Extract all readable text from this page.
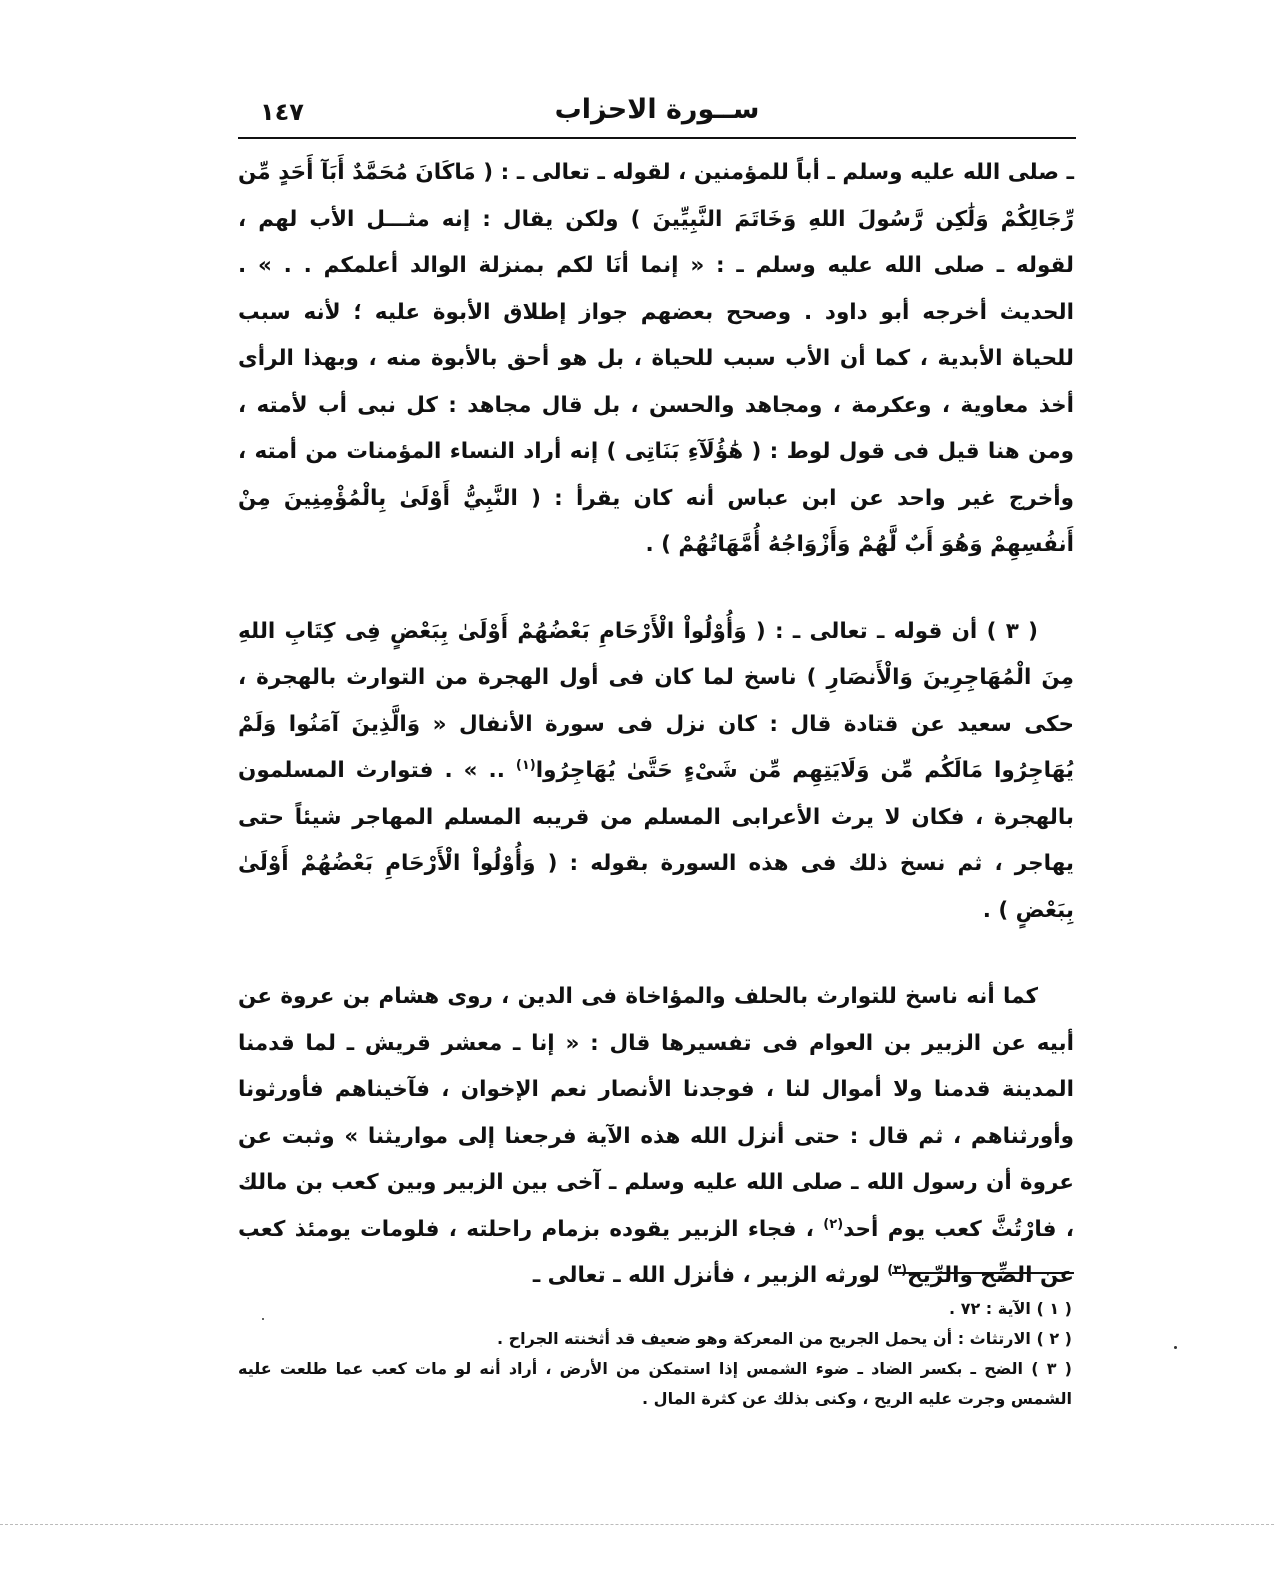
١٤٧	ســورة الاحزاب

ـ صلى الله عليه وسلم ـ أباً للمؤمنين ، لقوله ـ تعالى ـ : ( مَاكَانَ مُحَمَّدٌ أَبَآ أَحَدٍ مِّن رِّجَالِكُمْ وَلَٰكِن رَّسُولَ اللهِ وَخَاتَمَ النَّبِيِّينَ ) ولكن يقال : إنه مثـــل الأب لهم ، لقوله ـ صلى الله عليه وسلم ـ : « إنما أنَا لكم بمنزلة الوالد أعلمكم . . » . الحديث أخرجه أبو داود . وصحح بعضهم جواز إطلاق الأبوة عليه ؛ لأنه سبب للحياة الأبدية ، كما أن الأب سبب للحياة ، بل هو أحق بالأبوة منه ، وبهذا الرأى أخذ معاوية ، وعكرمة ، ومجاهد والحسن ، بل قال مجاهد : كل نبى أب لأمته ، ومن هنا قيل فى قول لوط : ( هَٰؤُلَآءِ بَنَاتِى ) إنه أراد النساء المؤمنات من أمته ، وأخرج غير واحد عن ابن عباس أنه كان يقرأ : ( النَّبِيُّ أَوْلَىٰ بِالْمُؤْمِنِينَ مِنْ أَنفُسِهِمْ وَهُوَ أَبٌ لَّهُمْ وَأَزْوَاجُهُ أُمَّهَاتُهُمْ ) .

( ٣ ) أن قوله ـ تعالى ـ : ( وَأُوْلُواْ الْأَرْحَامِ بَعْضُهُمْ أَوْلَىٰ بِبَعْضٍ فِى كِتَابِ اللهِ مِنَ الْمُهَاجِرِينَ وَالْأَنصَارِ ) ناسخ لما كان فى أول الهجرة من التوارث بالهجرة ، حكى سعيد عن قتادة قال : كان نزل فى سورة الأنفال « وَالَّذِينَ آمَنُوا وَلَمْ يُهَاجِرُوا مَالَكُم مِّن وَلَايَتِهِم مِّن شَىْءٍ حَتَّىٰ يُهَاجِرُوا$^{(١)}$ .. » . فتوارث المسلمون بالهجرة ، فكان لا يرث الأعرابى المسلم من قريبه المسلم المهاجر شيئاً حتى يهاجر ، ثم نسخ ذلك فى هذه السورة بقوله : ( وَأُوْلُواْ الْأَرْحَامِ بَعْضُهُمْ أَوْلَىٰ بِبَعْضٍ ) .

كما أنه ناسخ للتوارث بالحلف والمؤاخاة فى الدين ، روى هشام بن عروة عن أبيه عن الزبير بن العوام فى تفسيرها قال : « إنا ـ معشر قريش ـ لما قدمنا المدينة قدمنا ولا أموال لنا ، فوجدنا الأنصار نعم الإخوان ، فآخيناهم فأورثونا وأورثناهم ، ثم قال : حتى أنزل الله هذه الآية فرجعنا إلى مواريثنا » وثبت عن عروة أن رسول الله ـ صلى الله عليه وسلم ـ آخى بين الزبير وبين كعب بن مالك ، فارْتُثَّ كعب يوم أحد$^{(٢)}$ ، فجاء الزبير يقوده بزمام راحلته ، فلومات يومئذ كعب عن الضِّح والرِّيح$^{(٣)}$ لورثه الزبير ، فأنزل الله ـ تعالى ـ

( ١ ) الآية : ٧٢ .

( ٢ ) الارتثاث : أن يحمل الجريح من المعركة وهو ضعيف قد أثخنته الجراح .

( ٣ ) الضح ـ بكسر الضاد ـ ضوء الشمس إذا استمكن من الأرض ، أراد أنه لو مات كعب عما طلعت عليه الشمس وجرت عليه الريح ، وكنى بذلك عن كثرة المال .
